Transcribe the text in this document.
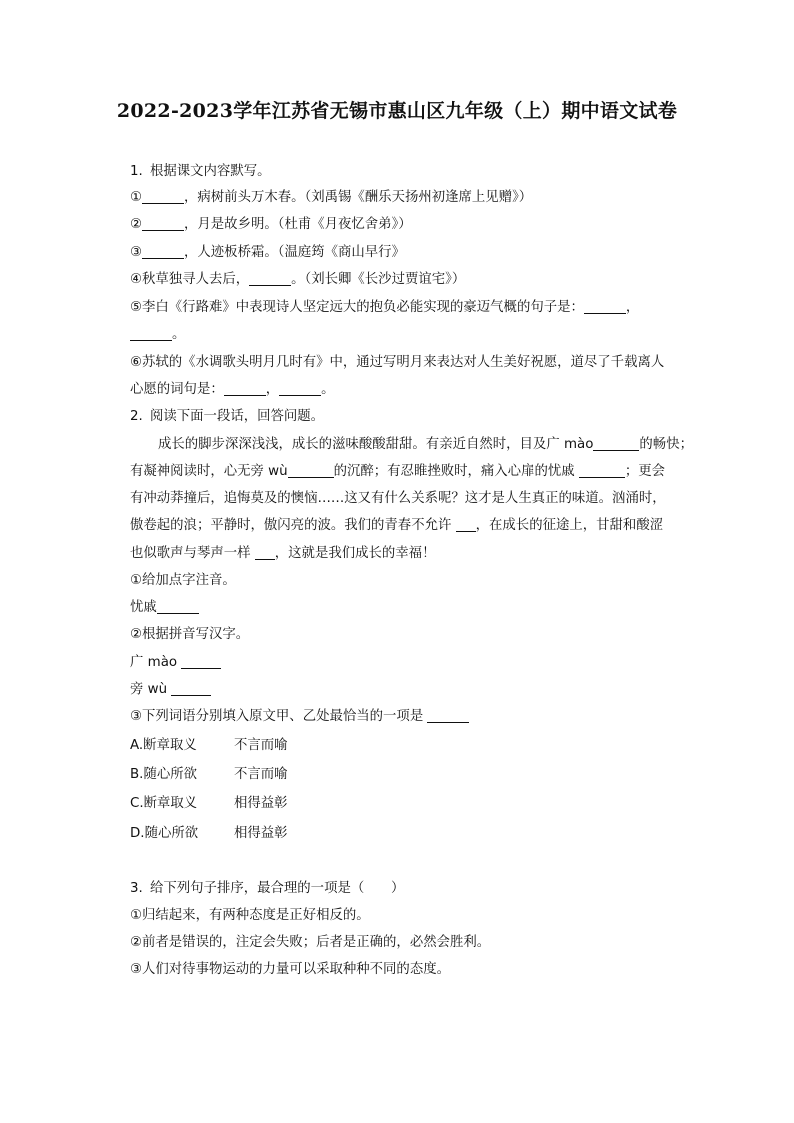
2022-2023学年江苏省无锡市惠山区九年级（上）期中语文试卷
1. 根据课文内容默写。
①	，病树前头万木春。（刘禹锡《酬乐天扬州初逢席上见赠》）
②	，月是故乡明。（杜甫《月夜忆舍弟》）
③	，人迹板桥霜。（温庭筠《商山早行》
④秋草独寻人去后，	。（刘长卿《长沙过贾谊宅》）
⑤李白《行路难》中表现诗人坚定远大的抱负必能实现的豪迈气概的句子是：	，
。
⑥苏轼的《水调歌头明月几时有》中，通过写明月来表达对人生美好祝愿，道尽了千载离人
心愿的词句是：	，	。
2. 阅读下面一段话，回答问题。
成长的脚步深深浅浅，成长的滋味酸酸甜甜。有亲近自然时，目及广 mào	的畅快；
有凝神阅读时，心无旁 wù	的沉醉；有忍睢挫败时，痛入心扉的忧戚	；更会
有冲动莽撞后，追悔莫及的懊恼……这又有什么关系呢？这才是人生真正的味道。汹涌时，
傲卷起的浪；平静时，傲闪亮的波。我们的青春不允许 ，在成长的征途上，甘甜和酸涩
也似歌声与琴声一样 ，这就是我们成长的幸福！
①给加点字注音。
忧戚
②根据拼音写汉字。
广 mào
旁 wù
③下列词语分别填入原文甲、乙处最恰当的一项是
A.断章取义	不言而喻
B.随心所欲	不言而喻
C.断章取义	相得益彰
D.随心所欲	相得益彰
3. 给下列句子排序，最合理的一项是（　　）
①归结起来，有两种态度是正好相反的。
②前者是错误的，注定会失败；后者是正确的，必然会胜利。
③人们对待事物运动的力量可以采取种种不同的态度。
